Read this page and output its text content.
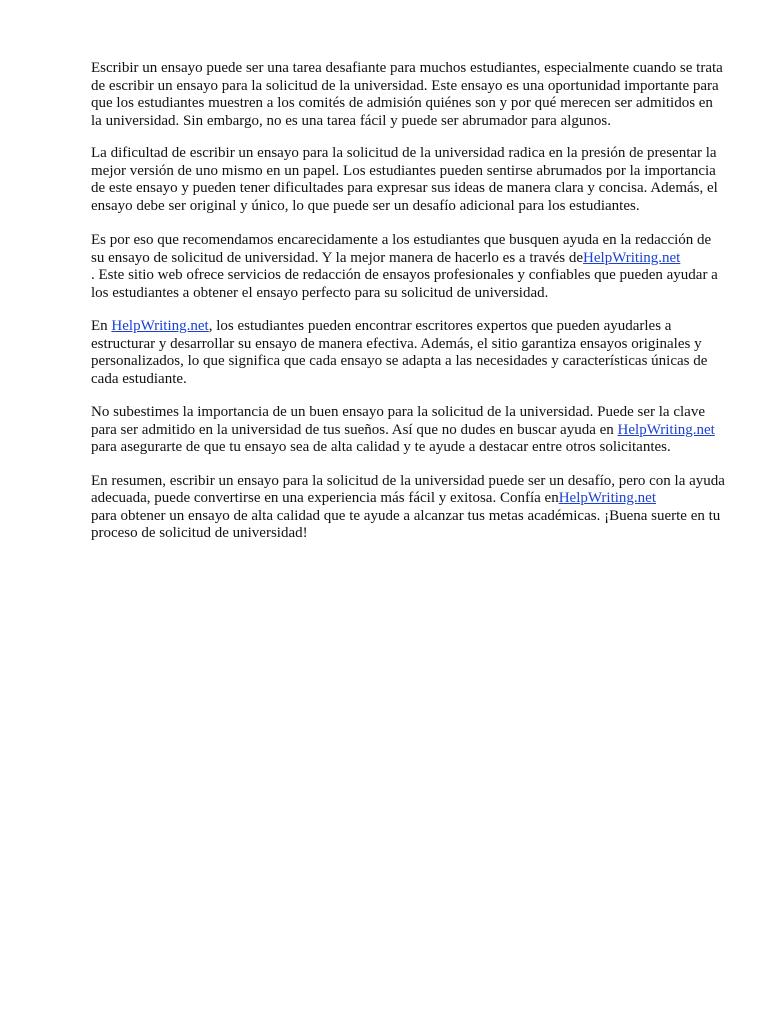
Escribir un ensayo puede ser una tarea desafiante para muchos estudiantes, especialmente cuando se trata de escribir un ensayo para la solicitud de la universidad. Este ensayo es una oportunidad importante para que los estudiantes muestren a los comités de admisión quiénes son y por qué merecen ser admitidos en la universidad. Sin embargo, no es una tarea fácil y puede ser abrumador para algunos.

La dificultad de escribir un ensayo para la solicitud de la universidad radica en la presión de presentar la mejor versión de uno mismo en un papel. Los estudiantes pueden sentirse abrumados por la importancia de este ensayo y pueden tener dificultades para expresar sus ideas de manera clara y concisa. Además, el ensayo debe ser original y único, lo que puede ser un desafío adicional para los estudiantes.

Es por eso que recomendamos encarecidamente a los estudiantes que busquen ayuda en la redacción de su ensayo de solicitud de universidad. Y la mejor manera de hacerlo es a través deHelpWriting.net
. Este sitio web ofrece servicios de redacción de ensayos profesionales y confiables que pueden ayudar a los estudiantes a obtener el ensayo perfecto para su solicitud de universidad.

En HelpWriting.net, los estudiantes pueden encontrar escritores expertos que pueden ayudarles a estructurar y desarrollar su ensayo de manera efectiva. Además, el sitio garantiza ensayos originales y personalizados, lo que significa que cada ensayo se adapta a las necesidades y características únicas de cada estudiante.

No subestimes la importancia de un buen ensayo para la solicitud de la universidad. Puede ser la clave para ser admitido en la universidad de tus sueños. Así que no dudes en buscar ayuda en HelpWriting.net para asegurarte de que tu ensayo sea de alta calidad y te ayude a destacar entre otros solicitantes.

En resumen, escribir un ensayo para la solicitud de la universidad puede ser un desafío, pero con la ayuda adecuada, puede convertirse en una experiencia más fácil y exitosa. Confía enHelpWriting.net
para obtener un ensayo de alta calidad que te ayude a alcanzar tus metas académicas. ¡Buena suerte en tu proceso de solicitud de universidad!
